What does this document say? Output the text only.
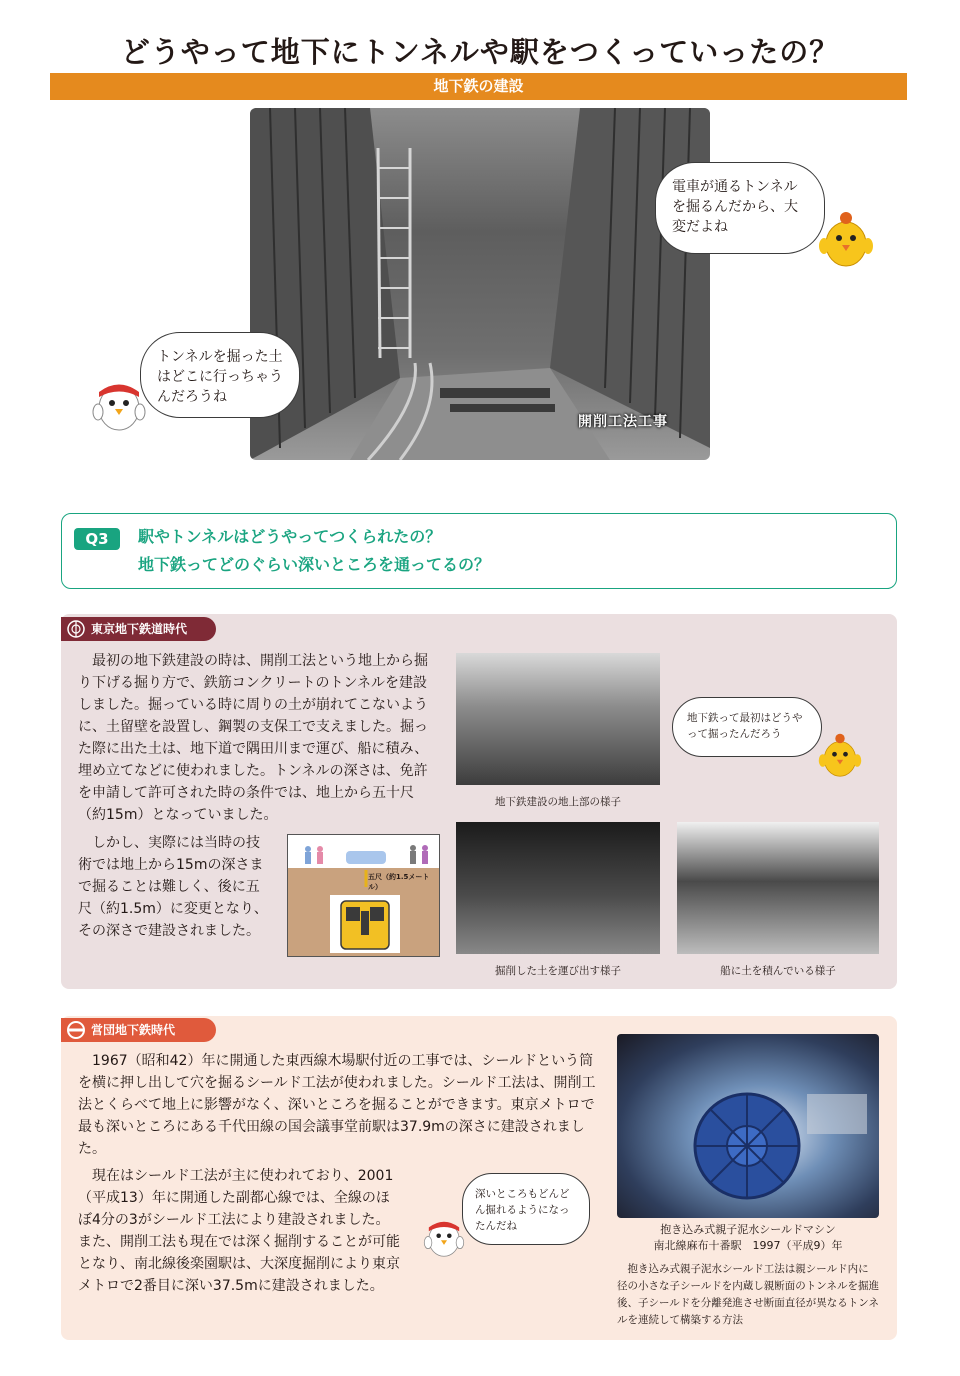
どうやって地下にトンネルや駅をつくっていったの？
地下鉄の建設
開削工法工事
電車が通るトンネルを掘るんだから、大変だよね
トンネルを掘った土はどこに行っちゃうんだろうね
Q3	駅やトンネルはどうやってつくられたの？
地下鉄ってどのぐらい深いところを通ってるの？
東京地下鉄道時代
最初の地下鉄建設の時は、開削工法という地上から掘り下げる掘り方で、鉄筋コンクリートのトンネルを建設しました。掘っている時に周りの土が崩れてこないように、土留壁を設置し、鋼製の支保工で支えました。掘った際に出た土は、地下道で隅田川まで運び、船に積み、埋め立てなどに使われました。トンネルの深さは、免許を申請して許可された時の条件では、地上から五十尺（約15m）となっていました。
しかし、実際には当時の技術では地上から15mの深さまで掘ることは難しく、後に五尺（約1.5m）に変更となり、その深さで建設されました。
五尺（約1.5メートル）
地下鉄建設の地上部の様子
掘削した土を運び出す様子	船に土を積んでいる様子
地下鉄って最初はどうやって掘ったんだろう
営団地下鉄時代
1967（昭和42）年に開通した東西線木場駅付近の工事では、シールドという筒を横に押し出して穴を掘るシールド工法が使われました。シールド工法は、開削工法とくらべて地上に影響がなく、深いところを掘ることができます。東京メトロで最も深いところにある千代田線の国会議事堂前駅は37.9mの深さに建設されました。
現在はシールド工法が主に使われており、2001（平成13）年に開通した副都心線では、全線のほぼ4分の3がシールド工法により建設されました。また、開削工法も現在では深く掘削することが可能となり、南北線後楽園駅は、大深度掘削により東京メトロで2番目に深い37.5mに建設されました。
抱き込み式親子泥水シールドマシン
南北線麻布十番駅　1997（平成9）年
抱き込み式親子泥水シールド工法は親シールド内に径の小さな子シールドを内蔵し親断面のトンネルを掘進後、子シールドを分離発進させ断面直径が異なるトンネルを連続して構築する方法
深いところもどんどん掘れるようになったんだね
